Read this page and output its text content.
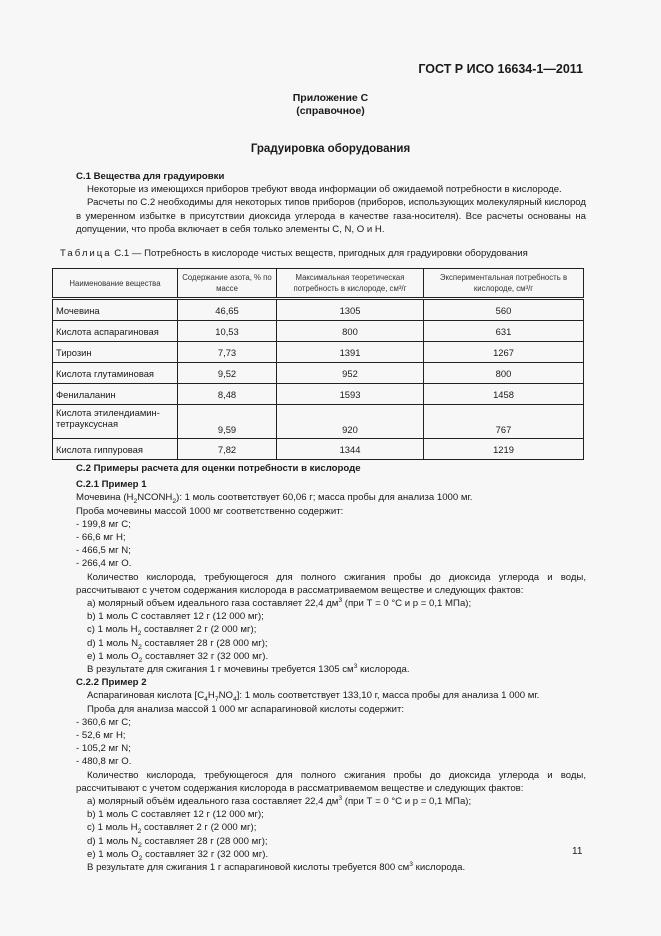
ГОСТ Р ИСО 16634-1—2011
Приложение С
(справочное)
Градуировка оборудования
С.1 Вещества для градуировки
Некоторые из имеющихся приборов требуют ввода информации об ожидаемой потребности в кислороде.
Расчеты по С.2 необходимы для некоторых типов приборов (приборов, использующих молекулярный кислород в умеренном избытке в присутствии диоксида углерода в качестве газа-носителя). Все расчеты основаны на допущении, что проба включает в себя только элементы С, N, О и Н.
Таблица С.1 — Потребность в кислороде чистых веществ, пригодных для градуировки оборудования
Наименование вещества	Содержание азота, % по массе	Максимальная теоретическая потребность в кислороде, см³/г	Экспериментальная потребность в кислороде, см³/г
Мочевина	46,65	1305	560
Кислота аспарагиновая	10,53	800	631
Тирозин	7,73	1391	1267
Кислота глутаминовая	9,52	952	800
Фенилаланин	8,48	1593	1458
Кислота этилендиамин-тетрауксусная	9,59	920	767
Кислота гиппуровая	7,82	1344	1219
С.2 Примеры расчета для оценки потребности в кислороде
С.2.1 Пример 1
Мочевина $(H_2NCONH_2)$: 1 моль соответствует 60,06 г; масса пробы для анализа 1000 мг.
Проба мочевины массой 1000 мг соответственно содержит:
- 199,8 мг С;
- 66,6 мг Н;
- 466,5 мг N;
- 266,4 мг О.
Количество кислорода, требующегося для полного сжигания пробы до диоксида углерода и воды, рассчитывают с учетом содержания кислорода в рассматриваемом веществе и следующих фактов:
а) молярный объем идеального газа составляет 22,4 $дм^3$ (при Т = 0 °С и р = 0,1 МПа);
b) 1 моль С составляет 12 г (12 000 мг);
c) 1 моль $H_2$ составляет 2 г (2 000 мг);
d) 1 моль $N_2$ составляет 28 г (28 000 мг);
e) 1 моль $O_2$ составляет 32 г (32 000 мг).
В результате для сжигания 1 г мочевины требуется 1305 $см^3$ кислорода.
С.2.2 Пример 2
Аспарагиновая кислота $[C_4H_7NO_4]$: 1 моль соответствует 133,10 г, масса пробы для анализа 1 000 мг.
Проба для анализа массой 1 000 мг аспарагиновой кислоты содержит:
- 360,6 мг С;
- 52,6 мг Н;
- 105,2 мг N;
- 480,8 мг О.
Количество кислорода, требующегося для полного сжигания пробы до диоксида углерода и воды, рассчитывают с учетом содержания кислорода в рассматриваемом веществе и следующих фактов:
а) молярный объём идеального газа составляет 22,4 $дм^3$ (при Т = 0 °С и р = 0,1 МПа);
b) 1 моль С составляет 12 г (12 000 мг);
c) 1 моль $H_2$ составляет 2 г (2 000 мг);
d) 1 моль $N_2$ составляет 28 г (28 000 мг);
e) 1 моль $O_2$ составляет 32 г (32 000 мг).
В результате для сжигания 1 г аспарагиновой кислоты требуется 800 $см^3$ кислорода.
11
